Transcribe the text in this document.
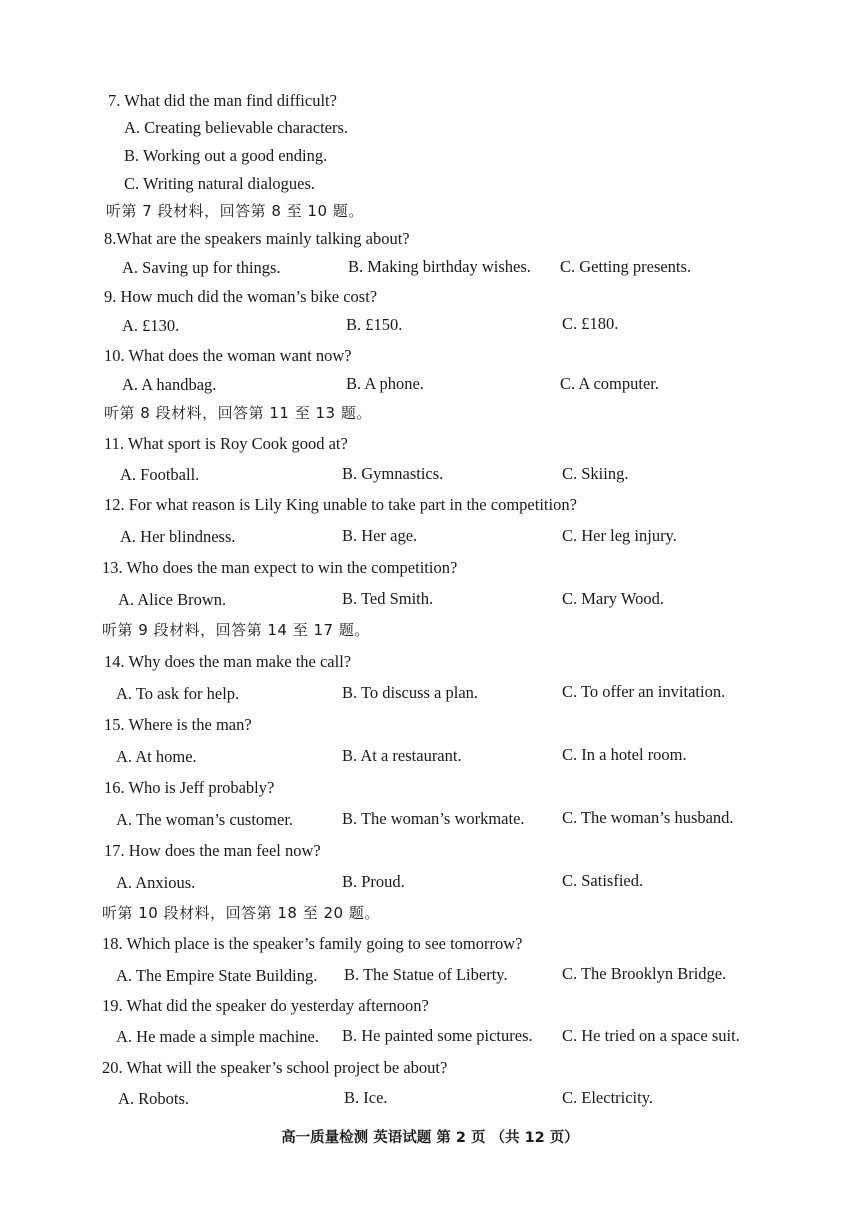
7. What did the man find difficult?
A. Creating believable characters.
B. Working out a good ending.
C. Writing natural dialogues.
听第 7 段材料，回答第 8 至 10 题。
8.What are the speakers mainly talking about?
A. Saving up for things.	B. Making birthday wishes. C. Getting presents.
9. How much did the woman’s bike cost?
A. £130.	B. £150.	C. £180.
10. What does the woman want now?
A. A handbag.	B. A phone.	C. A computer.
听第 8 段材料，回答第 11 至 13 题。
11. What sport is Roy Cook good at?
A. Football.	B. Gymnastics.	C. Skiing.
12. For what reason is Lily King unable to take part in the competition?
A. Her blindness.	B. Her age.	C. Her leg injury.
13. Who does the man expect to win the competition?
A. Alice Brown.	B. Ted Smith.	C. Mary Wood.
听第 9 段材料，回答第 14 至 17 题。
14. Why does the man make the call?
A. To ask for help.	B. To discuss a plan.	C. To offer an invitation.
15. Where is the man?
A. At home.	B. At a restaurant.	C. In a hotel room.
16. Who is Jeff probably?
A. The woman’s customer.	B. The woman’s workmate. C. The woman’s husband.
17. How does the man feel now?
A. Anxious.	B. Proud.	C. Satisfied.
听第 10 段材料，回答第 18 至 20 题。
18. Which place is the speaker’s family going to see tomorrow?
A. The Empire State Building. B. The Statue of Liberty.	C. The Brooklyn Bridge.
19. What did the speaker do yesterday afternoon?
A. He made a simple machine. B. He painted some pictures. C. He tried on a space suit.
20. What will the speaker’s school project be about?
A. Robots.	B. Ice.	C. Electricity.
高一质量检测 英语试题 第 2 页 （共 12 页）
